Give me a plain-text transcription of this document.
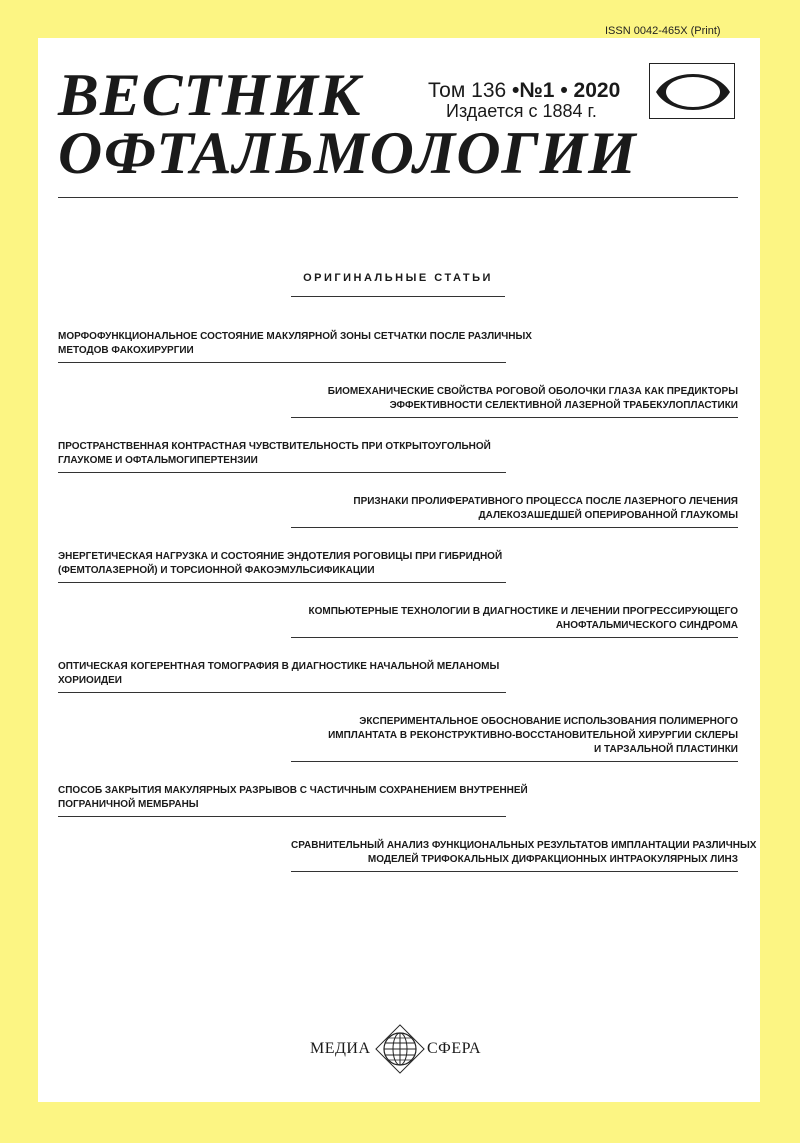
ISSN 0042-465X (Print)
ВЕСТНИК
ОФТАЛЬМОЛОГИИ
Том 136 •№1 • 2020
Издается с 1884 г.
ОРИГИНАЛЬНЫЕ СТАТЬИ
МОРФОФУНКЦИОНАЛЬНОЕ СОСТОЯНИЕ МАКУЛЯРНОЙ ЗОНЫ СЕТЧАТКИ ПОСЛЕ РАЗЛИЧНЫХ
МЕТОДОВ ФАКОХИРУРГИИ
БИОМЕХАНИЧЕСКИЕ СВОЙСТВА РОГОВОЙ ОБОЛОЧКИ ГЛАЗА КАК ПРЕДИКТОРЫ
ЭФФЕКТИВНОСТИ СЕЛЕКТИВНОЙ ЛАЗЕРНОЙ ТРАБЕКУЛОПЛАСТИКИ
ПРОСТРАНСТВЕННАЯ КОНТРАСТНАЯ ЧУВСТВИТЕЛЬНОСТЬ ПРИ ОТКРЫТОУГОЛЬНОЙ
ГЛАУКОМЕ И ОФТАЛЬМОГИПЕРТЕНЗИИ
ПРИЗНАКИ ПРОЛИФЕРАТИВНОГО ПРОЦЕССА ПОСЛЕ ЛАЗЕРНОГО ЛЕЧЕНИЯ
ДАЛЕКОЗАШЕДШЕЙ ОПЕРИРОВАННОЙ ГЛАУКОМЫ
ЭНЕРГЕТИЧЕСКАЯ НАГРУЗКА И СОСТОЯНИЕ ЭНДОТЕЛИЯ РОГОВИЦЫ ПРИ ГИБРИДНОЙ
(ФЕМТОЛАЗЕРНОЙ) И ТОРСИОННОЙ ФАКОЭМУЛЬСИФИКАЦИИ
КОМПЬЮТЕРНЫЕ ТЕХНОЛОГИИ В ДИАГНОСТИКЕ И ЛЕЧЕНИИ ПРОГРЕССИРУЮЩЕГО
АНОФТАЛЬМИЧЕСКОГО СИНДРОМА
ОПТИЧЕСКАЯ КОГЕРЕНТНАЯ ТОМОГРАФИЯ В ДИАГНОСТИКЕ НАЧАЛЬНОЙ МЕЛАНОМЫ
ХОРИОИДЕИ
ЭКСПЕРИМЕНТАЛЬНОЕ ОБОСНОВАНИЕ ИСПОЛЬЗОВАНИЯ ПОЛИМЕРНОГО
ИМПЛАНТАТА В РЕКОНСТРУКТИВНО-ВОССТАНОВИТЕЛЬНОЙ ХИРУРГИИ СКЛЕРЫ
И ТАРЗАЛЬНОЙ ПЛАСТИНКИ
СПОСОБ ЗАКРЫТИЯ МАКУЛЯРНЫХ РАЗРЫВОВ С ЧАСТИЧНЫМ СОХРАНЕНИЕМ ВНУТРЕННЕЙ
ПОГРАНИЧНОЙ МЕМБРАНЫ
СРАВНИТЕЛЬНЫЙ АНАЛИЗ ФУНКЦИОНАЛЬНЫХ РЕЗУЛЬТАТОВ ИМПЛАНТАЦИИ РАЗЛИЧНЫХ
МОДЕЛЕЙ ТРИФОКАЛЬНЫХ ДИФРАКЦИОННЫХ ИНТРАОКУЛЯРНЫХ ЛИНЗ
МЕДИА	СФЕРА
